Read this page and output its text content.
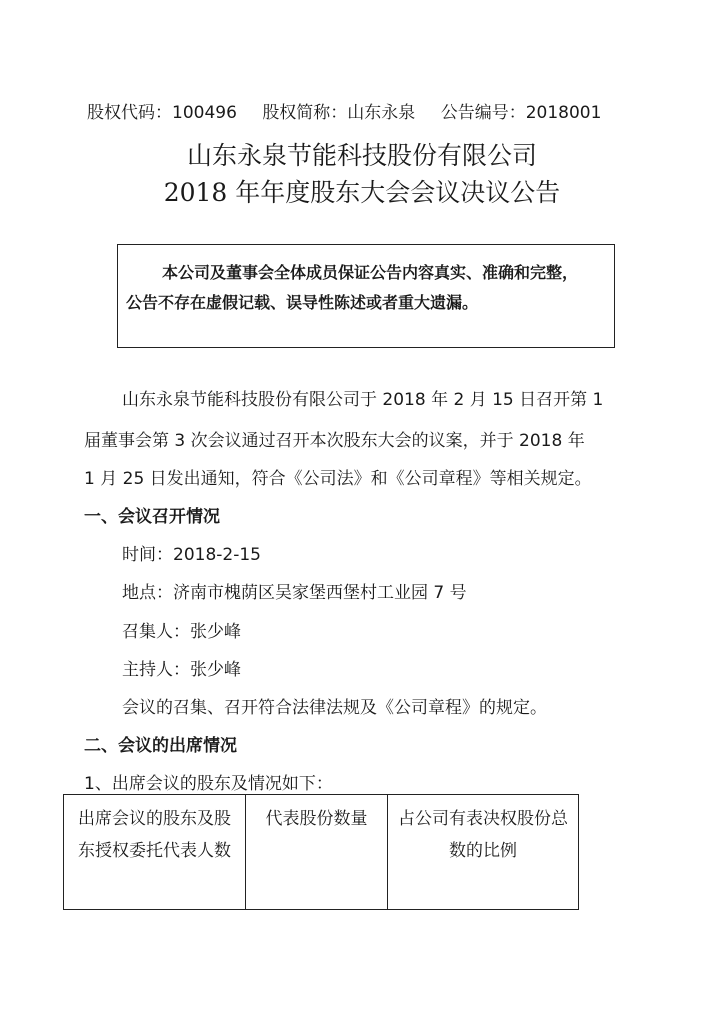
股权代码：100496 股权简称：山东永泉 公告编号：2018001
山东永泉节能科技股份有限公司
2018 年年度股东大会会议决议公告
本公司及董事会全体成员保证公告内容真实、准确和完整，
公告不存在虚假记载、误导性陈述或者重大遗漏。
山东永泉节能科技股份有限公司于 2018 年 2 月 15 日召开第 1
届董事会第 3 次会议通过召开本次股东大会的议案，并于 2018 年
1 月 25 日发出通知，符合《公司法》和《公司章程》等相关规定。
一、会议召开情况
时间：2018-2-15
地点：济南市槐荫区吴家堡西堡村工业园 7 号
召集人：张少峰
主持人：张少峰
会议的召集、召开符合法律法规及《公司章程》的规定。
二、会议的出席情况
1、出席会议的股东及情况如下：
出席会议的股东及股东授权委托代表人数	代表股份数量	占公司有表决权股份总数的比例
